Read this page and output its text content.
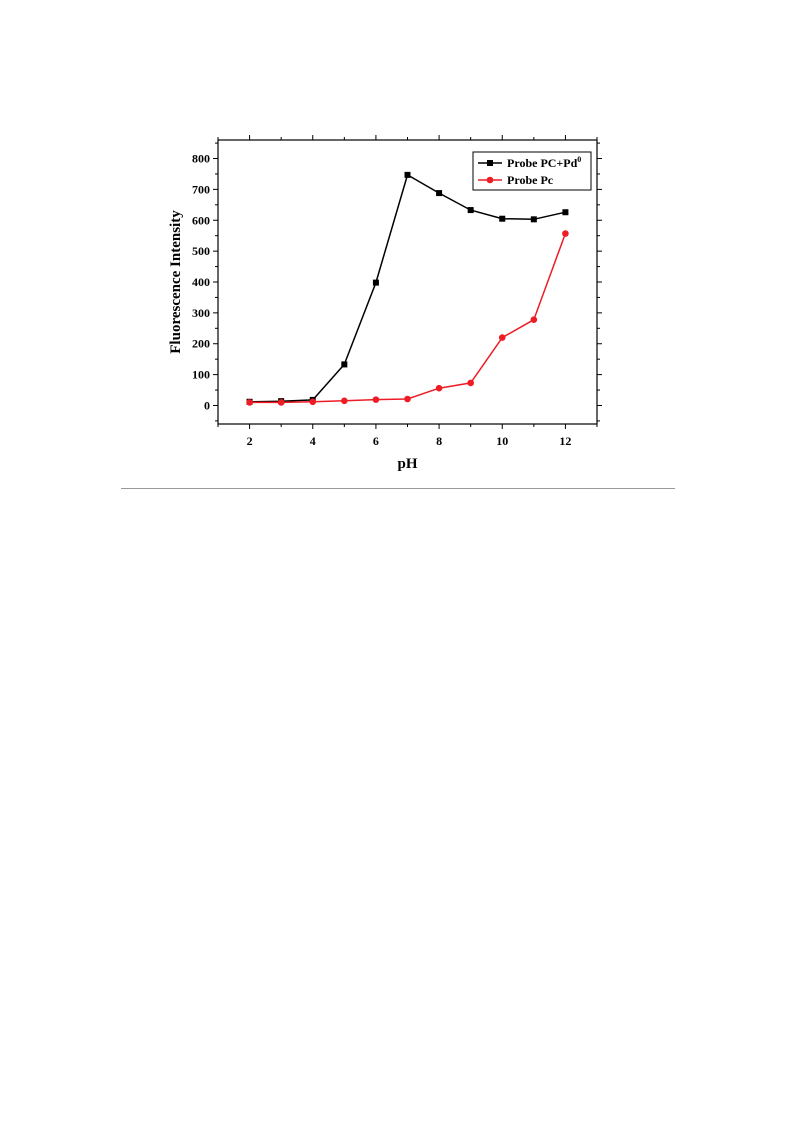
2	4	6	8	10	12
0
100
200
300
400
500
600
700
800	Probe $PC+Pd^0$
Probe Pc
pH
Fluorescence Intensity
